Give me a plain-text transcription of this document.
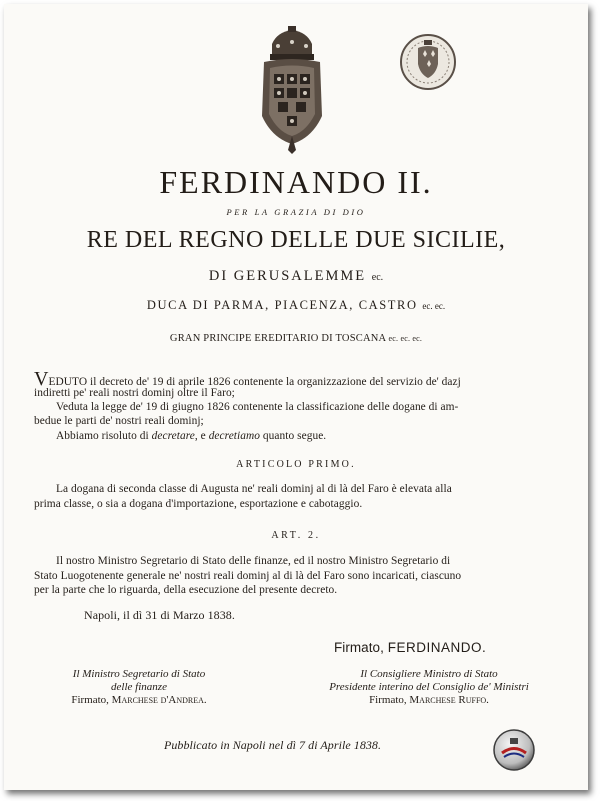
FERDINANDO II.
PER LA GRAZIA DI DIO
RE DEL REGNO DELLE DUE SICILIE,
DI GERUSALEMME ec.
DUCA DI PARMA, PIACENZA, CASTRO ec. ec.
GRAN PRINCIPE EREDITARIO DI TOSCANA ec. ec. ec.
VEDUTO il decreto de' 19 di aprile 1826 contenente la organizzazione del servizio de' dazj
indiretti pe' reali nostri dominj oltre il Faro;
Veduta la legge de' 19 di giugno 1826 contenente la classificazione delle dogane di am-
bedue le parti de' nostri reali dominj;
Abbiamo risoluto di decretare, e decretiamo quanto segue.
ARTICOLO PRIMO.
La dogana di seconda classe di Augusta ne' reali dominj al di là del Faro è elevata alla
prima classe, o sia a dogana d'importazione, esportazione e cabotaggio.
ART. 2.
Il nostro Ministro Segretario di Stato delle finanze, ed il nostro Ministro Segretario di
Stato Luogotenente generale ne' nostri reali dominj al di là del Faro sono incaricati, ciascuno
per la parte che lo riguarda, della esecuzione del presente decreto.
Napoli, il dì 31 di Marzo 1838.
Firmato, FERDINANDO.
Il Ministro Segretario di Stato
delle finanze
Firmato, Marchese d'Andrea.
Il Consigliere Ministro di Stato
Presidente interino del Consiglio de' Ministri
Firmato, Marchese Ruffo.
Pubblicato in Napoli nel dì 7 di Aprile 1838.
